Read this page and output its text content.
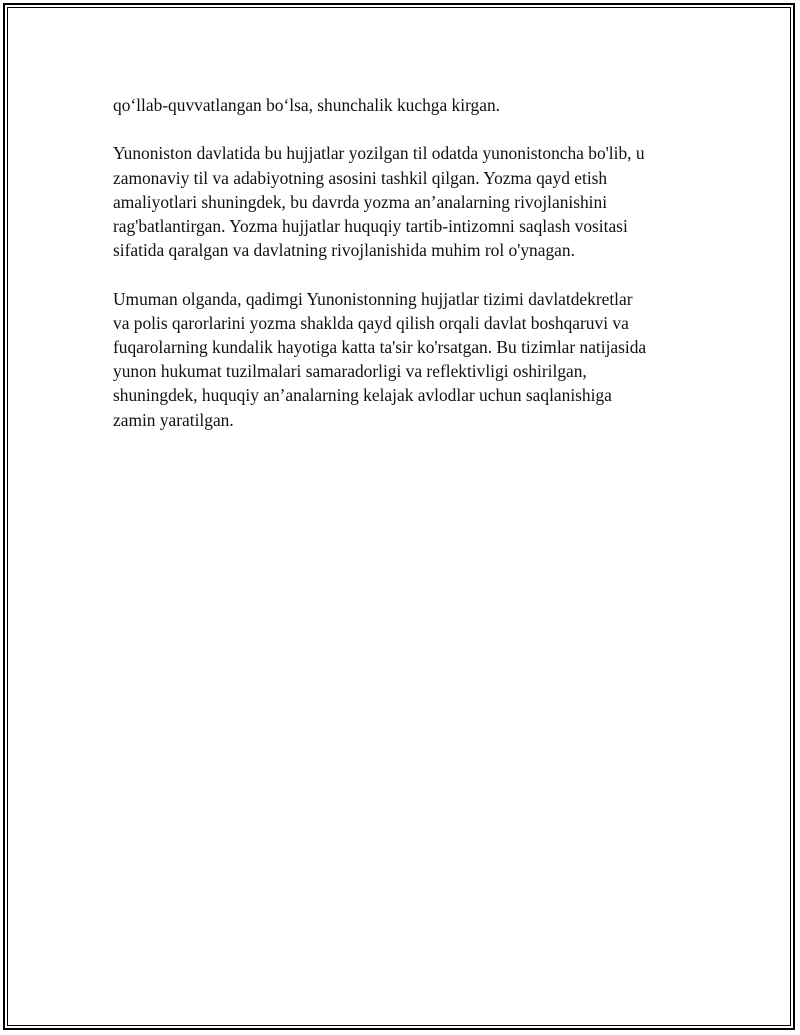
qo‘llab-quvvatlangan bo‘lsa, shunchalik kuchga kirgan.

Yunoniston davlatida bu hujjatlar yozilgan til odatda yunonistoncha bo'lib, u
zamonaviy til va adabiyotning asosini tashkil qilgan. Yozma qayd etish
amaliyotlari shuningdek, bu davrda yozma an’analarning rivojlanishini
rag'batlantirgan. Yozma hujjatlar huquqiy tartib-intizomni saqlash vositasi
sifatida qaralgan va davlatning rivojlanishida muhim rol o'ynagan.

Umuman olganda, qadimgi Yunonistonning hujjatlar tizimi davlatdekretlar
va polis qarorlarini yozma shaklda qayd qilish orqali davlat boshqaruvi va
fuqarolarning kundalik hayotiga katta ta'sir ko'rsatgan. Bu tizimlar natijasida
yunon hukumat tuzilmalari samaradorligi va reflektivligi oshirilgan,
shuningdek, huquqiy an’analarning kelajak avlodlar uchun saqlanishiga
zamin yaratilgan.
